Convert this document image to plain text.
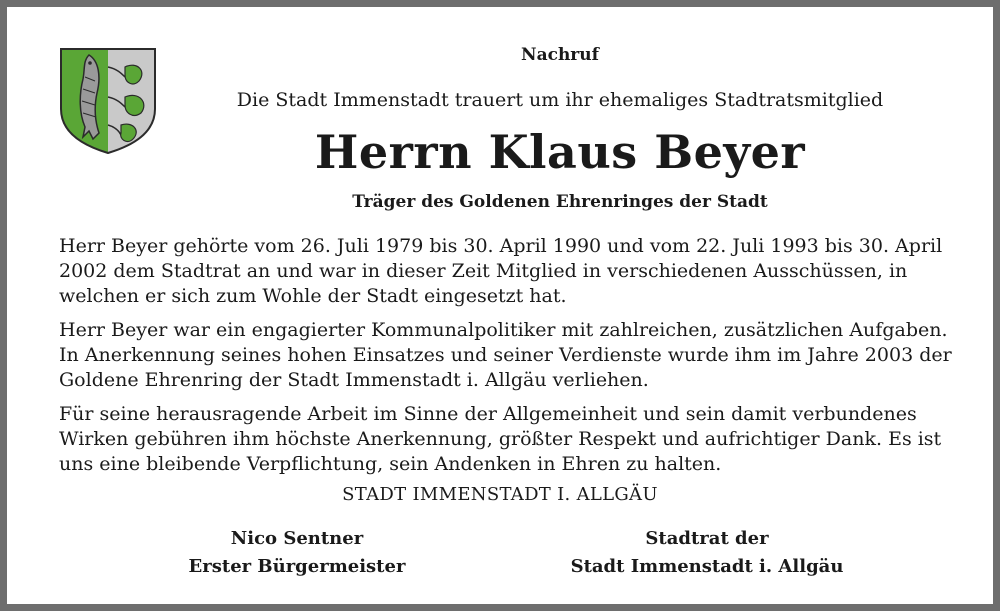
Nachruf
Die Stadt Immenstadt trauert um ihr ehemaliges Stadtratsmitglied
Herrn Klaus Beyer
Träger des Goldenen Ehrenringes der Stadt

Herr Beyer gehörte vom 26. Juli 1979 bis 30. April 1990 und vom 22. Juli 1993 bis 30. April 2002 dem Stadtrat an und war in dieser Zeit Mitglied in verschiedenen Ausschüssen, in welchen er sich zum Wohle der Stadt eingesetzt hat.

Herr Beyer war ein engagierter Kommunalpolitiker mit zahlreichen, zusätzlichen Aufgaben. In Anerkennung seines hohen Einsatzes und seiner Verdienste wurde ihm im Jahre 2003 der Goldene Ehrenring der Stadt Immenstadt i. Allgäu verliehen.

Für seine herausragende Arbeit im Sinne der Allgemeinheit und sein damit verbundenes Wirken gebühren ihm höchste Anerkennung, größter Respekt und aufrichtiger Dank. Es ist uns eine bleibende Verpflichtung, sein Andenken in Ehren zu halten.

STADT IMMENSTADT I. ALLGÄU
Nico Sentner
Erster Bürgermeister
Stadtrat der
Stadt Immenstadt i. Allgäu
